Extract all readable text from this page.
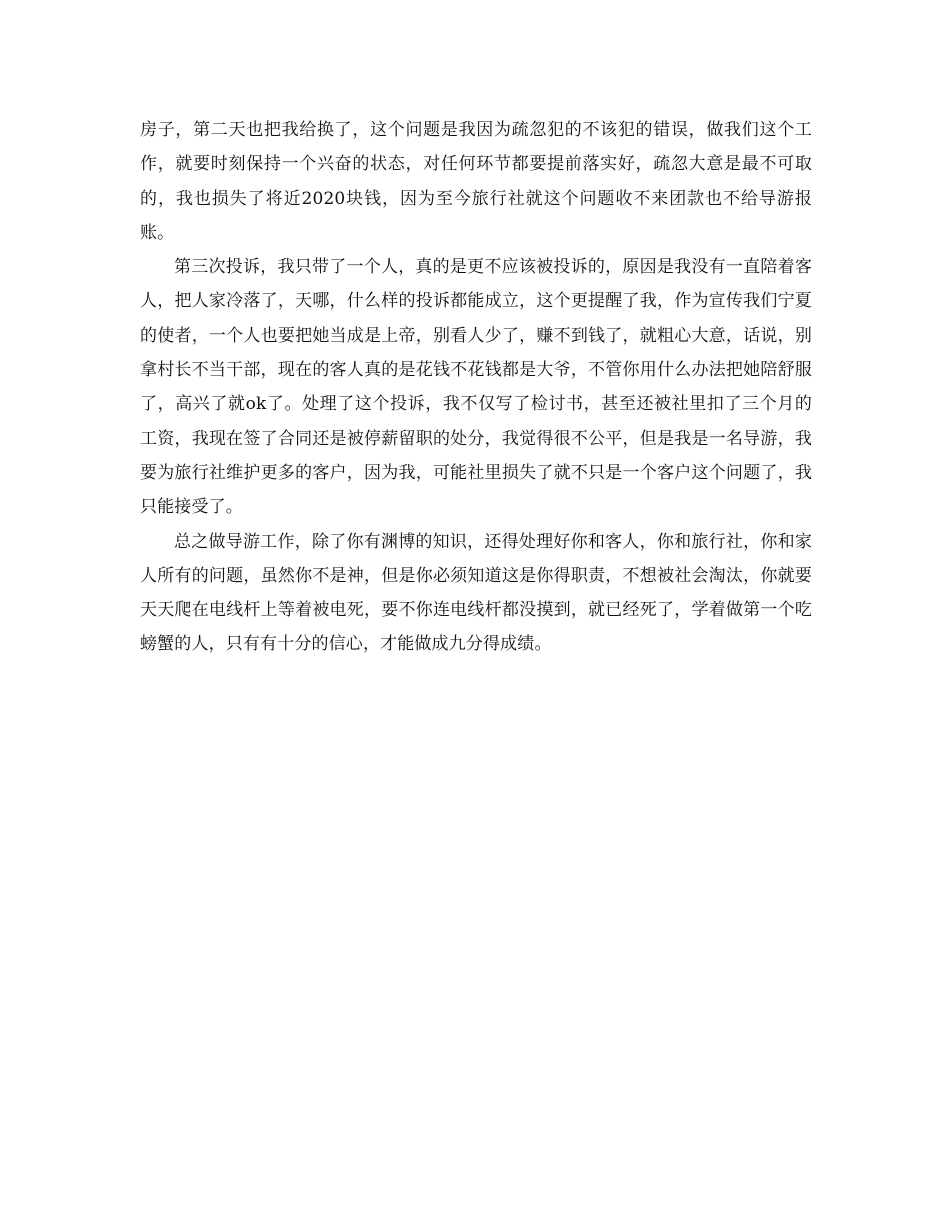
房子，第二天也把我给换了，这个问题是我因为疏忽犯的不该犯的错误，做我们这个工作，就要时刻保持一个兴奋的状态，对任何环节都要提前落实好，疏忽大意是最不可取的，我也损失了将近2020块钱，因为至今旅行社就这个问题收不来团款也不给导游报账。

第三次投诉，我只带了一个人，真的是更不应该被投诉的，原因是我没有一直陪着客人，把人家冷落了，天哪，什么样的投诉都能成立，这个更提醒了我，作为宣传我们宁夏的使者，一个人也要把她当成是上帝，别看人少了，赚不到钱了，就粗心大意，话说，别拿村长不当干部，现在的客人真的是花钱不花钱都是大爷，不管你用什么办法把她陪舒服了，高兴了就ok了。处理了这个投诉，我不仅写了检讨书，甚至还被社里扣了三个月的工资，我现在签了合同还是被停薪留职的处分，我觉得很不公平，但是我是一名导游，我要为旅行社维护更多的客户，因为我，可能社里损失了就不只是一个客户这个问题了，我只能接受了。

总之做导游工作，除了你有渊博的知识，还得处理好你和客人，你和旅行社，你和家人所有的问题，虽然你不是神，但是你必须知道这是你得职责，不想被社会淘汰，你就要天天爬在电线杆上等着被电死，要不你连电线杆都没摸到，就已经死了，学着做第一个吃螃蟹的人，只有有十分的信心，才能做成九分得成绩。
